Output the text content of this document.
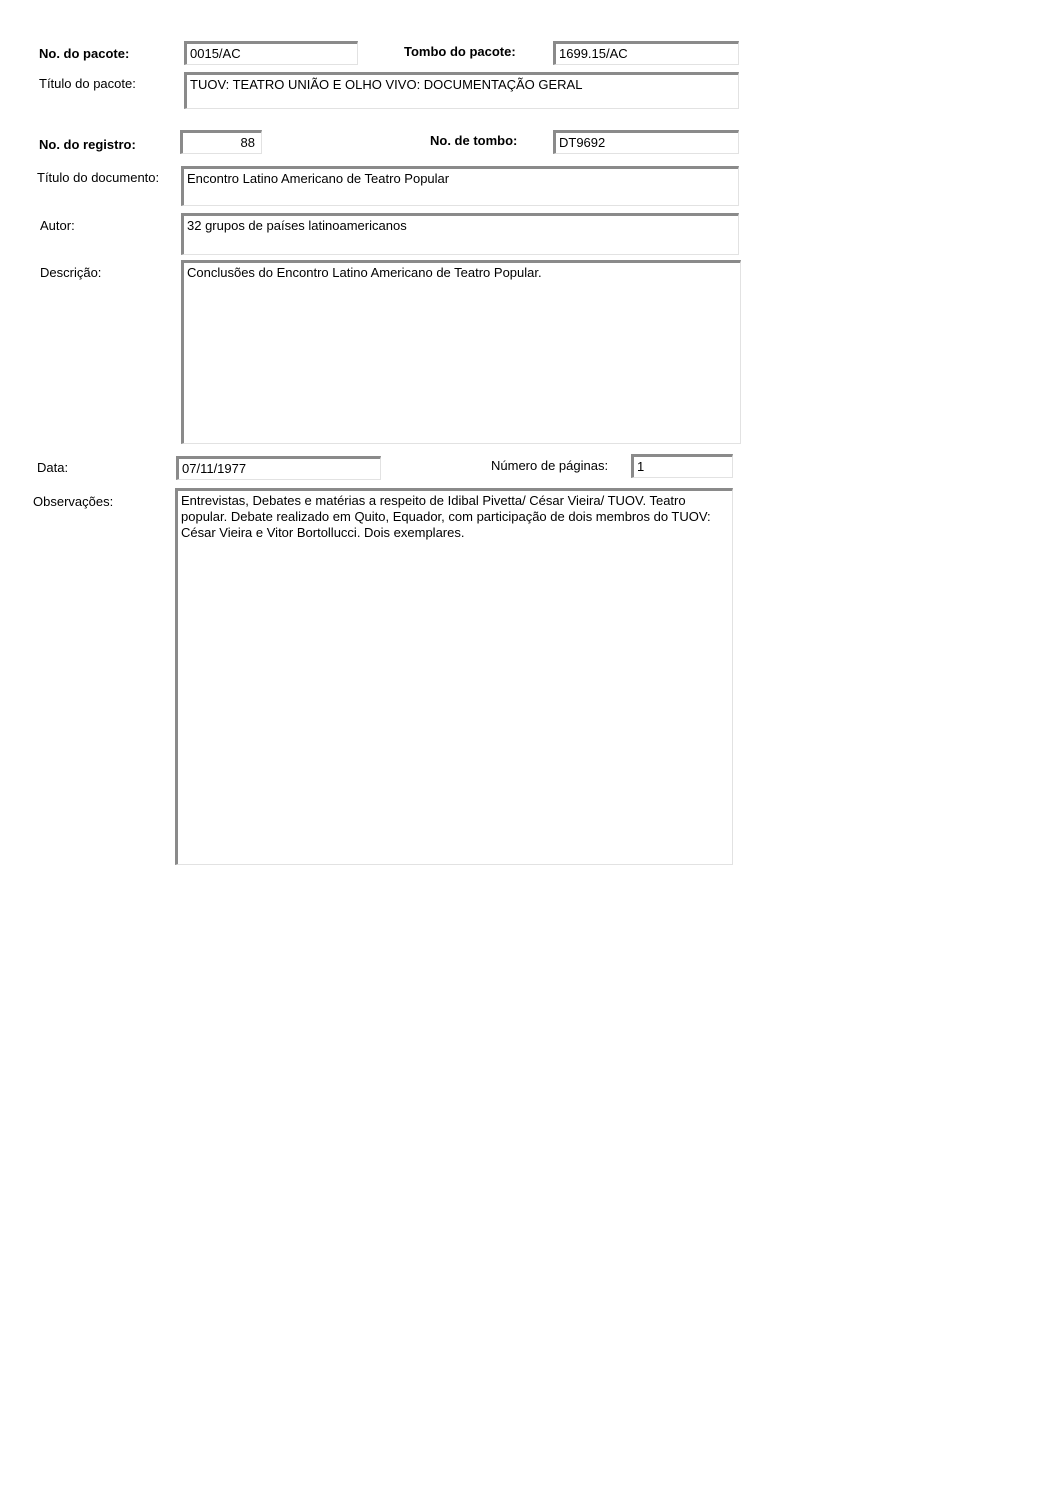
No. do pacote:	0015/AC	Tombo do pacote:	1699.15/AC
Título do pacote:	TUOV: TEATRO UNIÃO E OLHO VIVO: DOCUMENTAÇÃO GERAL
No. do registro:	88	No. de tombo:	DT9692
Título do documento:	Encontro Latino Americano de Teatro Popular
Autor:	32 grupos de países latinoamericanos
Descrição:	Conclusões do Encontro Latino Americano de Teatro Popular.
Data:	07/11/1977	Número de páginas:	1
Observações:	Entrevistas, Debates e matérias a respeito de Idibal Pivetta/ César Vieira/ TUOV. Teatro popular. Debate realizado em Quito, Equador, com participação de dois membros do TUOV: César Vieira e Vitor Bortollucci. Dois exemplares.
